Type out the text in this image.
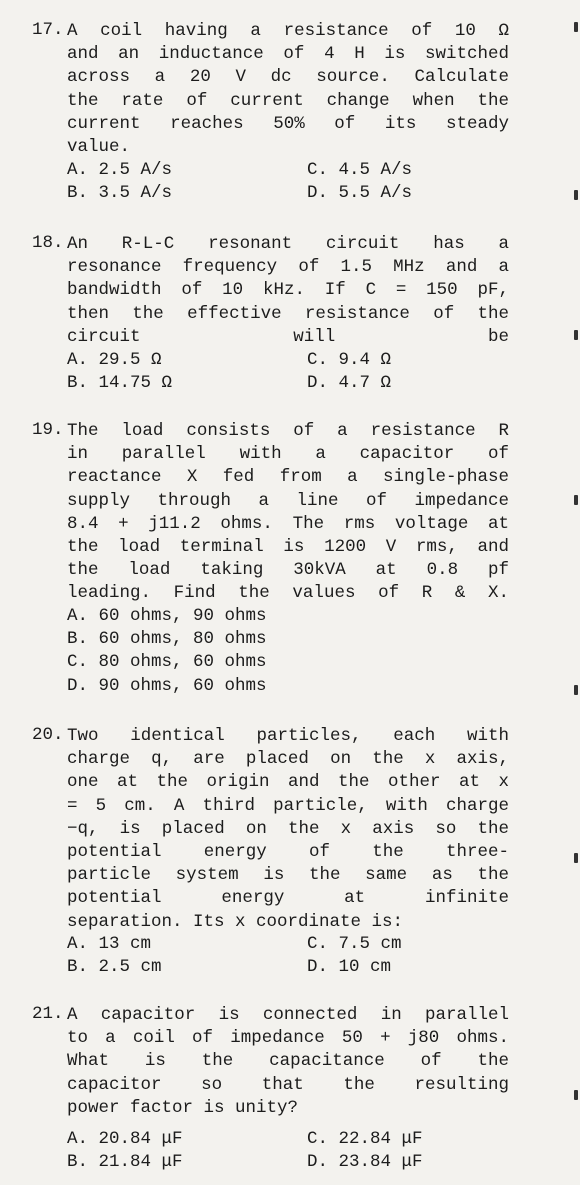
17. A coil having a resistance of 10 Ω
and an inductance of 4 H is switched
across a 20 V dc source. Calculate
the rate of current change when the
current reaches 50% of its steady
value.
A. 2.5 A/s	C. 4.5 A/s
B. 3.5 A/s	D. 5.5 A/s
18. An R-L-C resonant circuit has a
resonance frequency of 1.5 MHz and a
bandwidth of 10 kHz. If C = 150 pF,
then the effective resistance of the
circuit will be
A. 29.5 Ω	C. 9.4 Ω
B. 14.75 Ω	D. 4.7 Ω
19. The load consists of a resistance R
in parallel with a capacitor of
reactance X fed from a single-phase
supply through a line of impedance
8.4 + j11.2 ohms. The rms voltage at
the load terminal is 1200 V rms, and
the load taking 30kVA at 0.8 pf
leading. Find the values of R & X.
A. 60 ohms, 90 ohms
B. 60 ohms, 80 ohms
C. 80 ohms, 60 ohms
D. 90 ohms, 60 ohms
20. Two identical particles, each with
charge q, are placed on the x axis,
one at the origin and the other at x
= 5 cm. A third particle, with charge
−q, is placed on the x axis so the
potential energy of the three-
particle system is the same as the
potential energy at infinite
separation. Its x coordinate is:
A. 13 cm	C. 7.5 cm
B. 2.5 cm	D. 10 cm
21. A capacitor is connected in parallel
to a coil of impedance 50 + j80 ohms.
What is the capacitance of the
capacitor so that the resulting
power factor is unity?
A. 20.84 μF	C. 22.84 μF
B. 21.84 μF	D. 23.84 μF
